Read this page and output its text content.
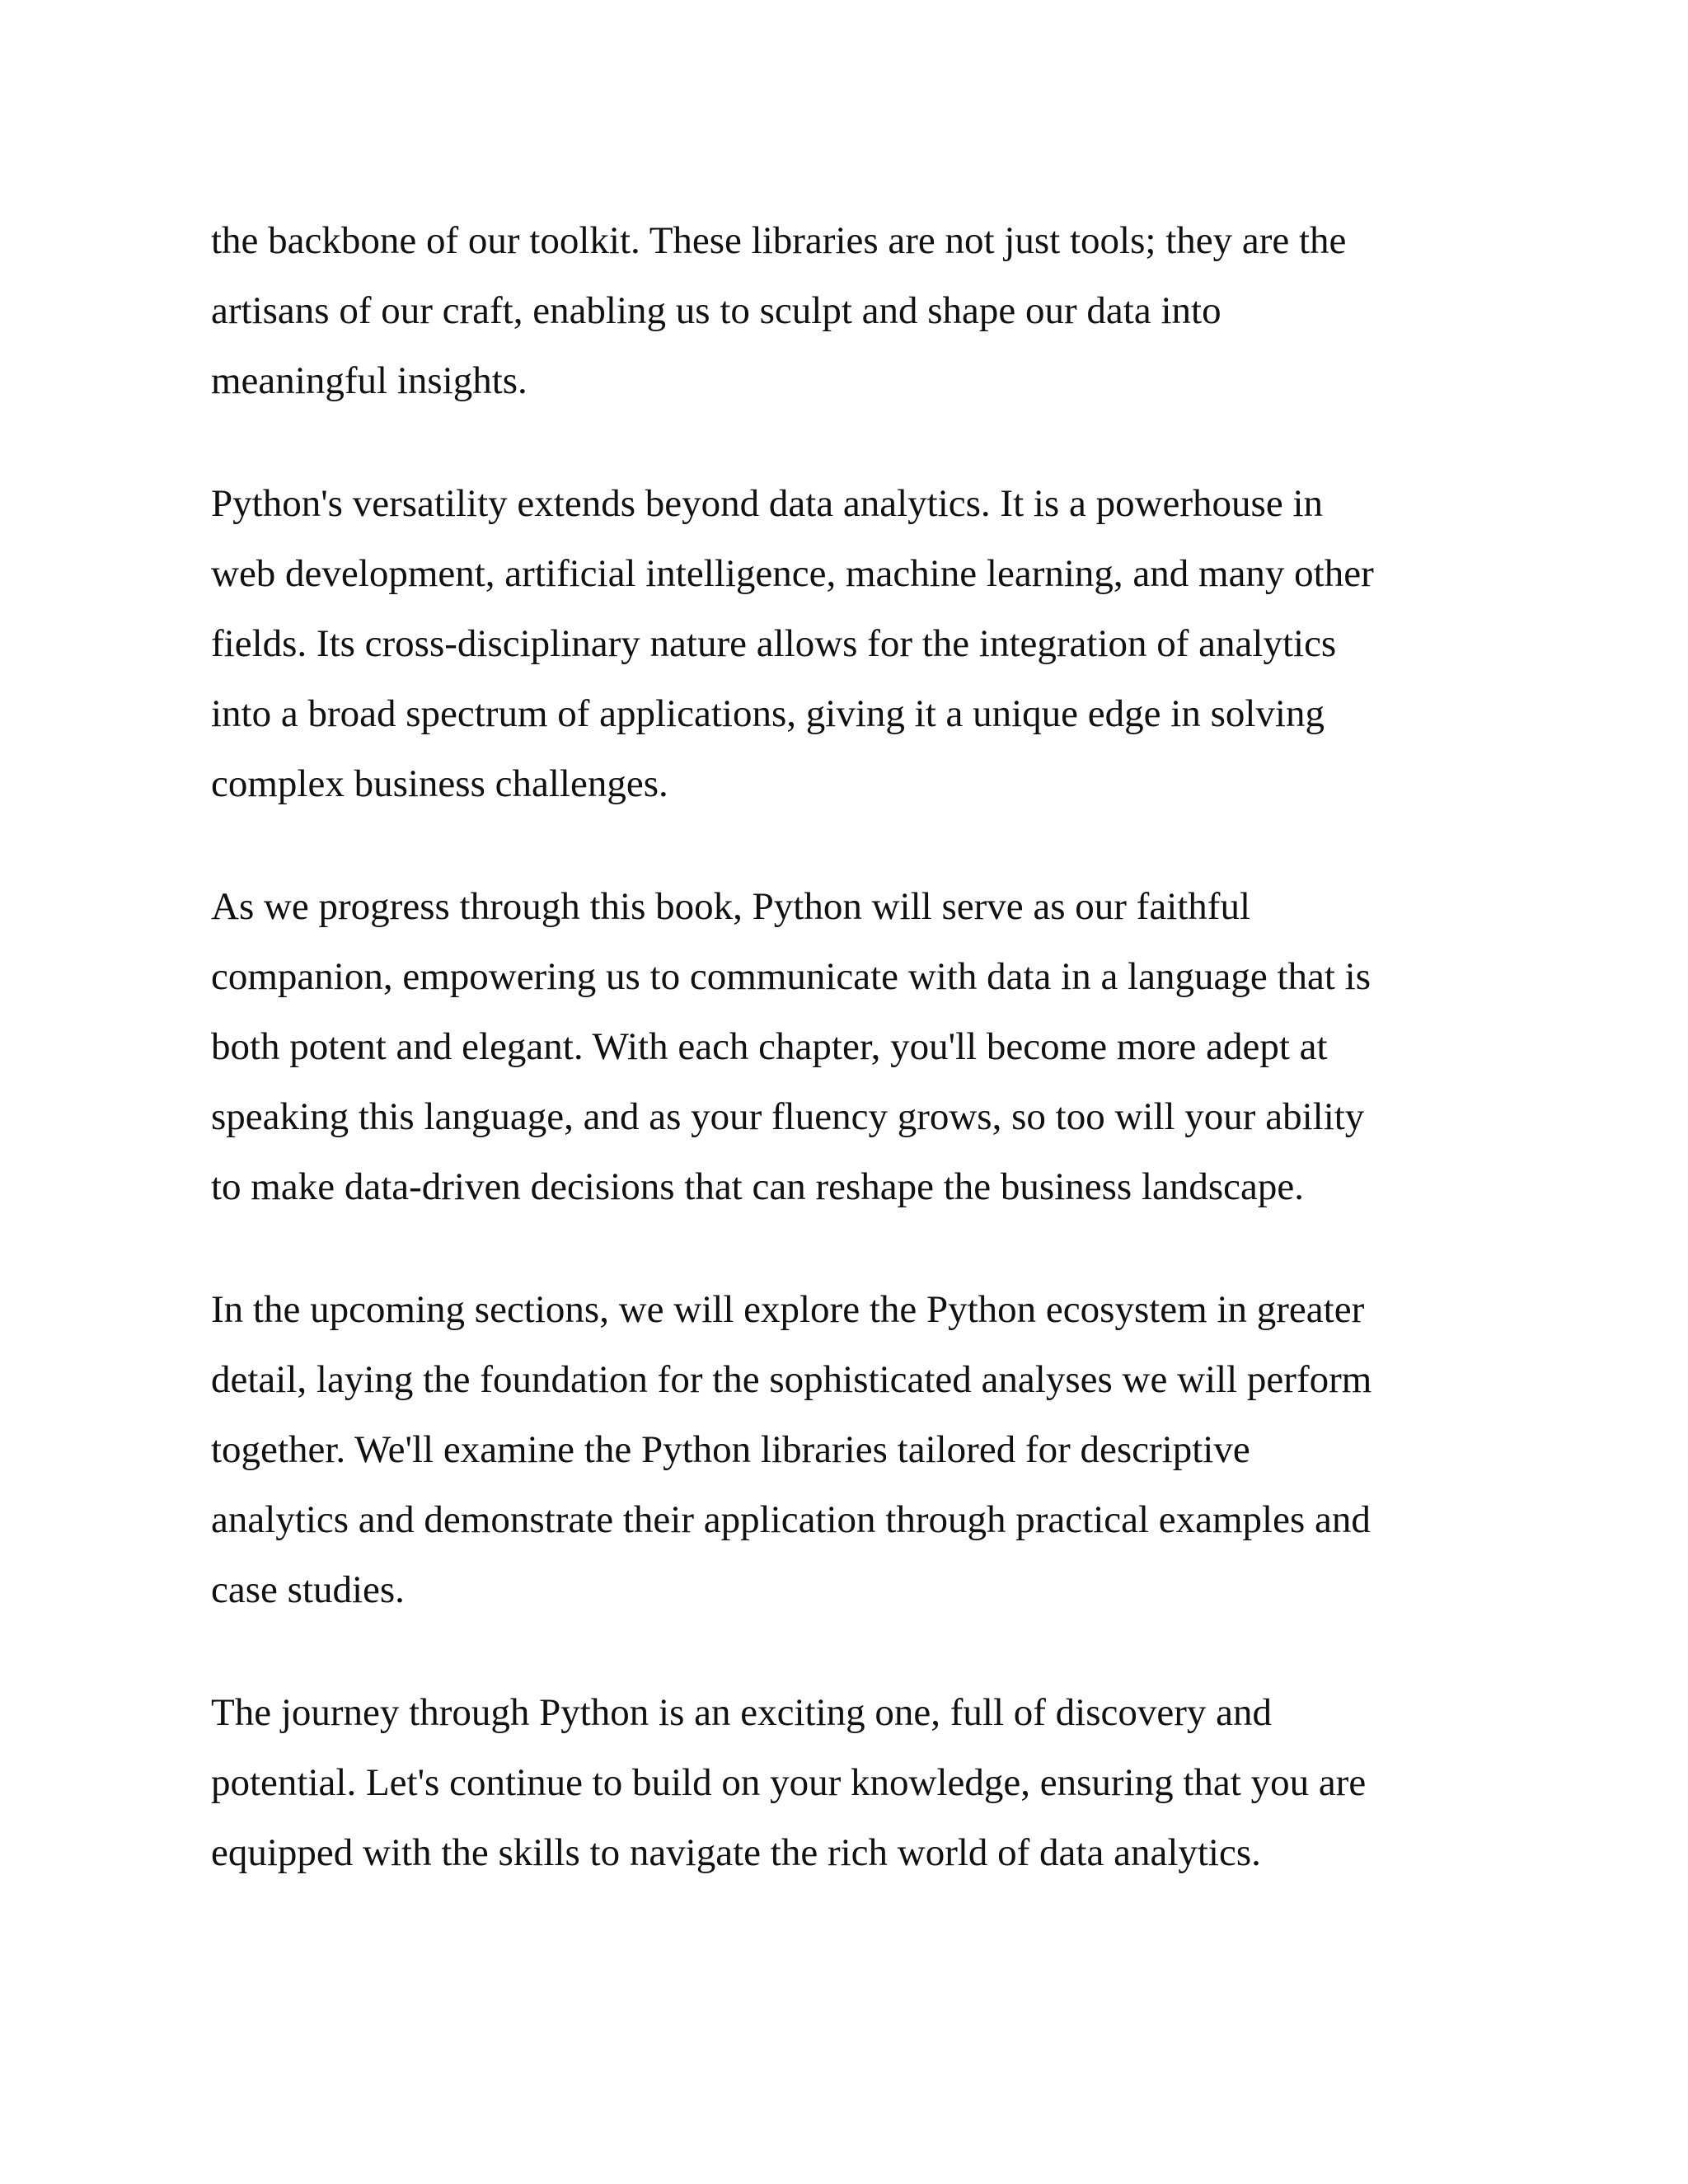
the backbone of our toolkit. These libraries are not just tools; they are the
artisans of our craft, enabling us to sculpt and shape our data into
meaningful insights.

Python's versatility extends beyond data analytics. It is a powerhouse in
web development, artificial intelligence, machine learning, and many other
fields. Its cross-disciplinary nature allows for the integration of analytics
into a broad spectrum of applications, giving it a unique edge in solving
complex business challenges.

As we progress through this book, Python will serve as our faithful
companion, empowering us to communicate with data in a language that is
both potent and elegant. With each chapter, you'll become more adept at
speaking this language, and as your fluency grows, so too will your ability
to make data-driven decisions that can reshape the business landscape.

In the upcoming sections, we will explore the Python ecosystem in greater
detail, laying the foundation for the sophisticated analyses we will perform
together. We'll examine the Python libraries tailored for descriptive
analytics and demonstrate their application through practical examples and
case studies.

The journey through Python is an exciting one, full of discovery and
potential. Let's continue to build on your knowledge, ensuring that you are
equipped with the skills to navigate the rich world of data analytics.
